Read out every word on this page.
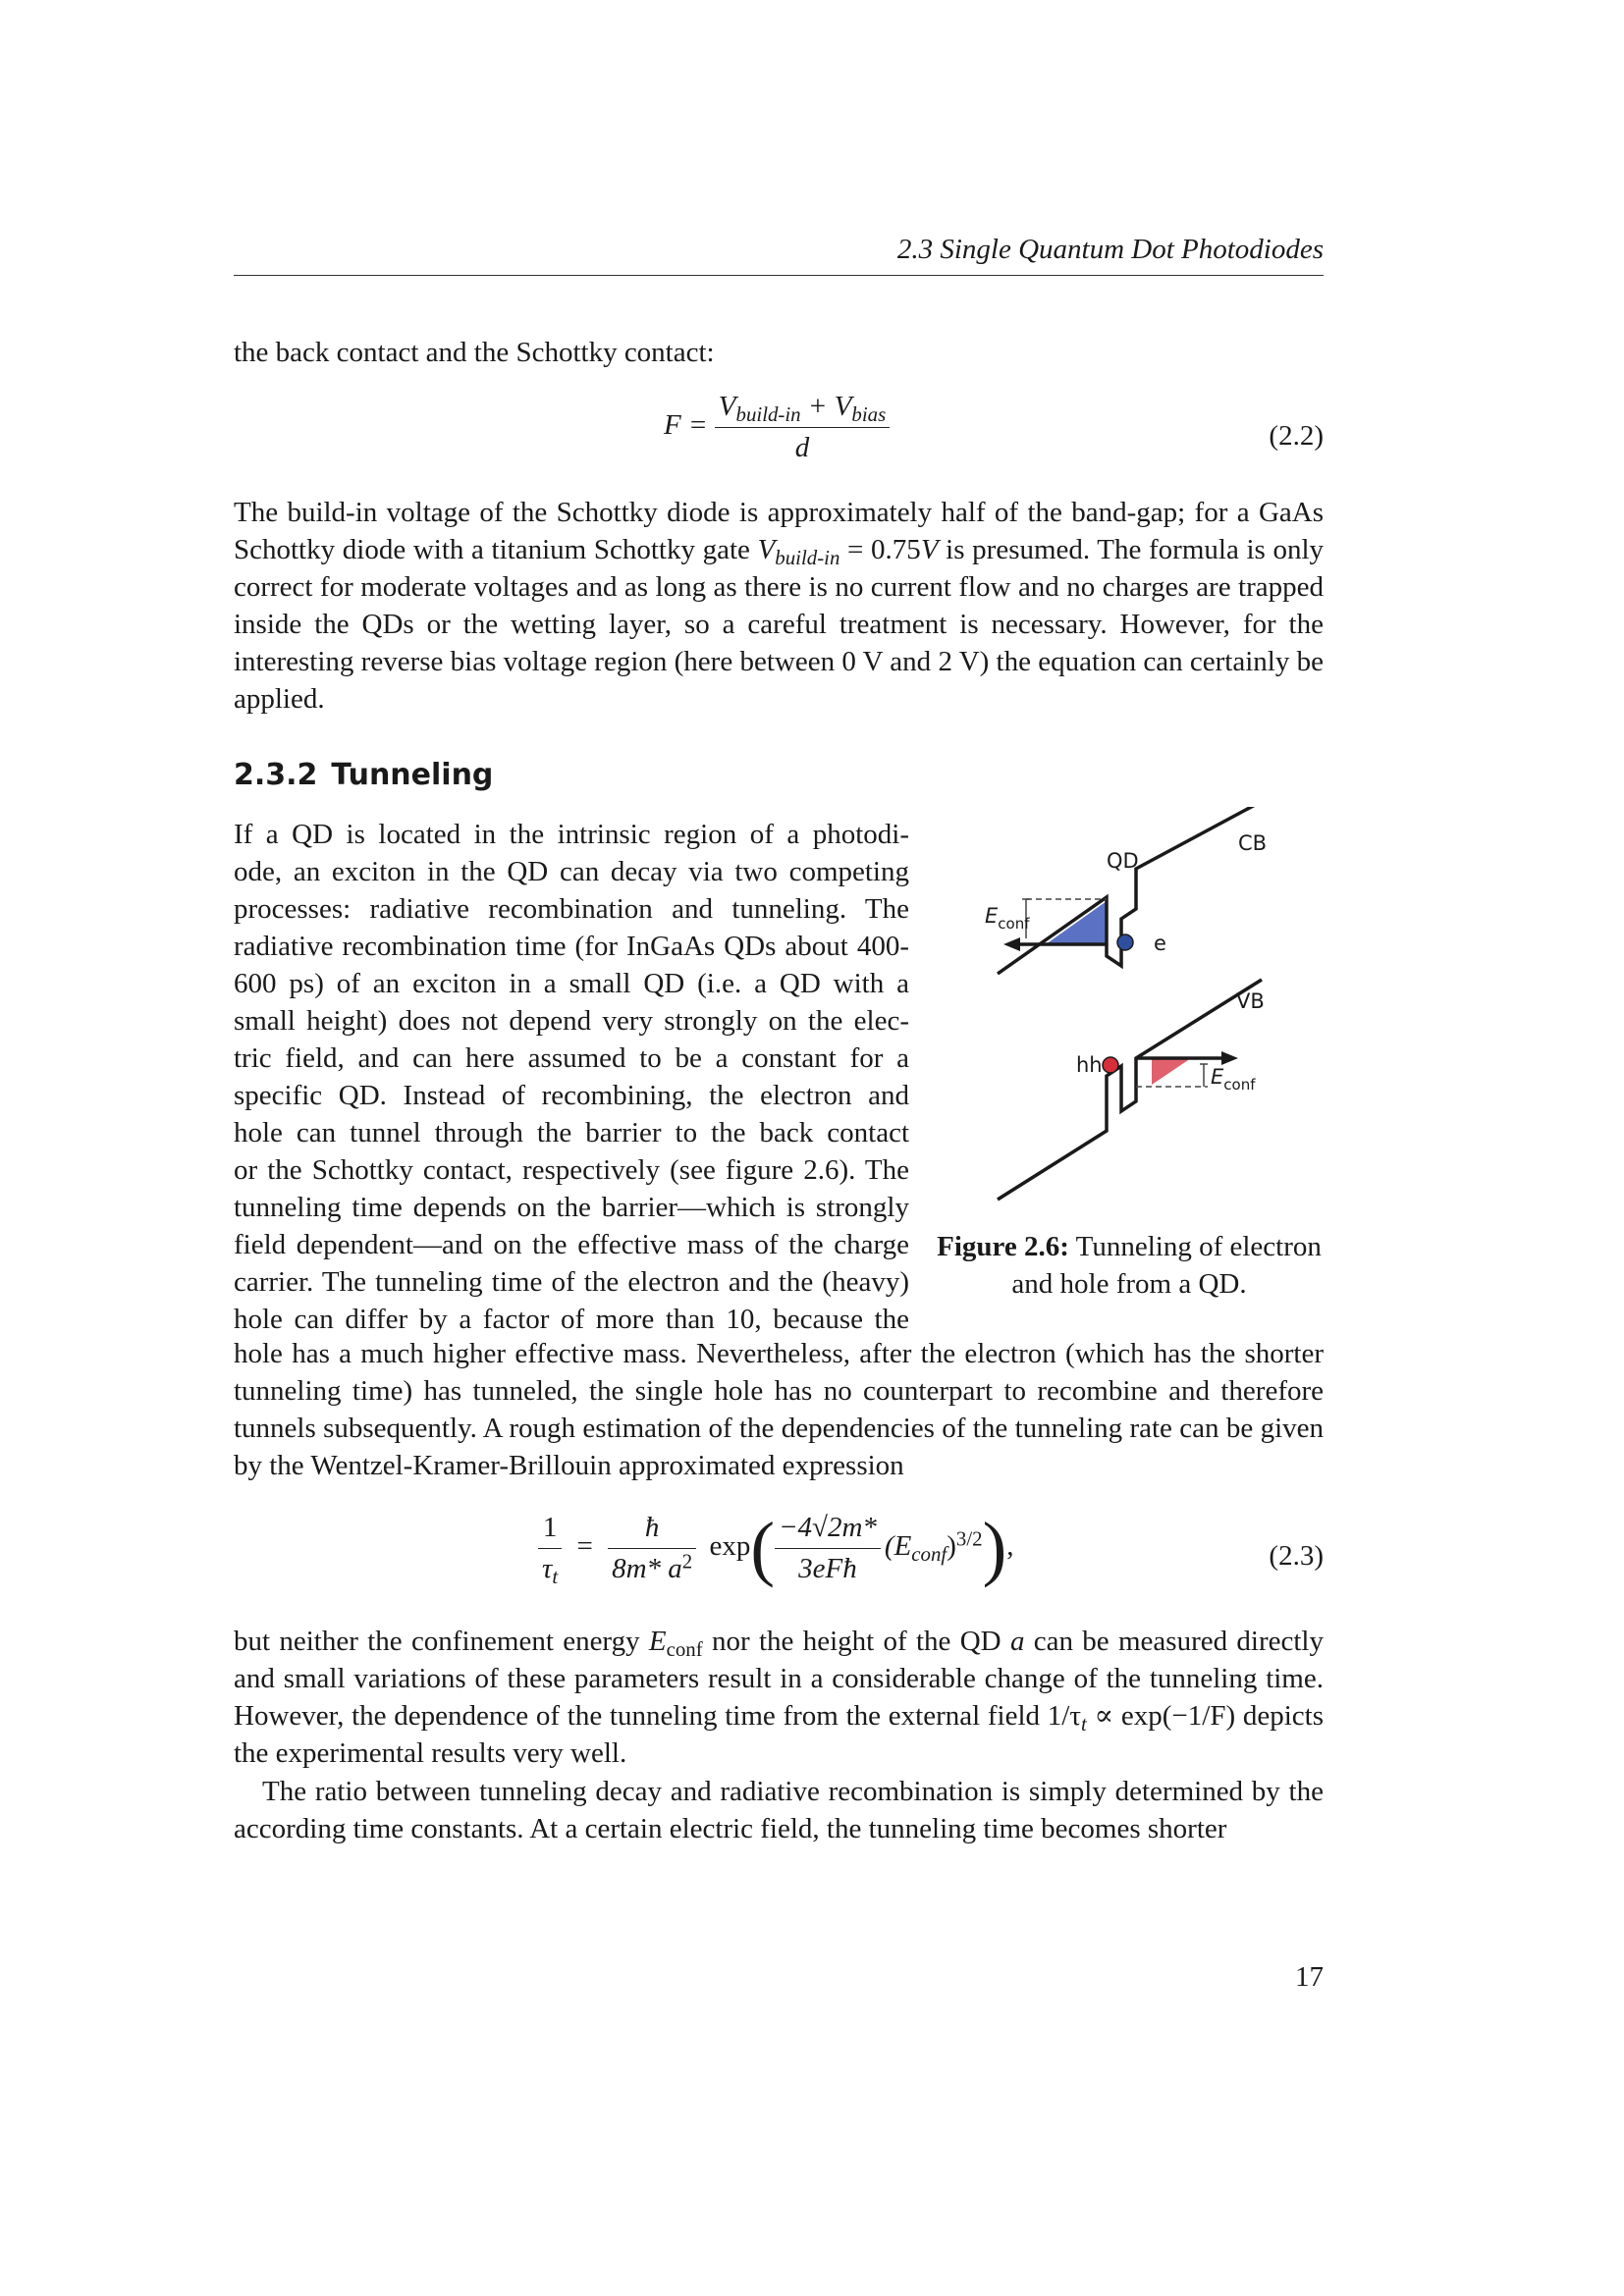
2.3 Single Quantum Dot Photodiodes
the back contact and the Schottky contact:
$F = \frac{V_{build-in} + V_{bias}}{d}$	(2.2)

The build-in voltage of the Schottky diode is approximately half of the band-gap; for a GaAs Schottky diode with a titanium Schottky gate $V_{build-in} = 0.75V$ is presumed. The formula is only correct for moderate voltages and as long as there is no current flow and no charges are trapped inside the QDs or the wetting layer, so a careful treatment is necessary. However, for the interesting reverse bias voltage region (here between 0 V and 2 V) the equation can certainly be applied.

2.3.2 Tunneling
If a QD is located in the intrinsic region of a photodi-
ode, an exciton in the QD can decay via two competing
processes: radiative recombination and tunneling. The
radiative recombination time (for InGaAs QDs about 400-
600 ps) of an exciton in a small QD (i.e. a QD with a
small height) does not depend very strongly on the elec-
tric field, and can here assumed to be a constant for a
specific QD. Instead of recombining, the electron and
hole can tunnel through the barrier to the back contact
or the Schottky contact, respectively (see figure 2.6). The
tunneling time depends on the barrier—which is strongly
field dependent—and on the effective mass of the charge
carrier. The tunneling time of the electron and the (heavy)
hole can differ by a factor of more than 10, because the
QD
CB
e
$E_{conf}$
hh
VB
$E_{conf}$
Figure 2.6: Tunneling of electron and hole from a QD.
hole has a much higher effective mass. Nevertheless, after the electron (which has the shorter tunneling time) has tunneled, the single hole has no counterpart to recombine and therefore tunnels subsequently. A rough estimation of the dependencies of the tunneling rate can be given by the Wentzel-Kramer-Brillouin approximated expression
$\frac{1}{\tau_t} = \frac{ħ}{8m* a^2} \exp( \frac{-4√2m*}{\text{3eFħ}} (E_{conf})^{3/2})$,	(2.3)

but neither the confinement energy $E_{conf}$ nor the height of the QD a can be measured directly and small variations of these parameters result in a considerable change of the tunneling time. However, the dependence of the tunneling time from the external field $1/\tau_t \propto \exp(-1/F)$ depicts the experimental results very well.

The ratio between tunneling decay and radiative recombination is simply determined by the according time constants. At a certain electric field, the tunneling time becomes shorter

17
